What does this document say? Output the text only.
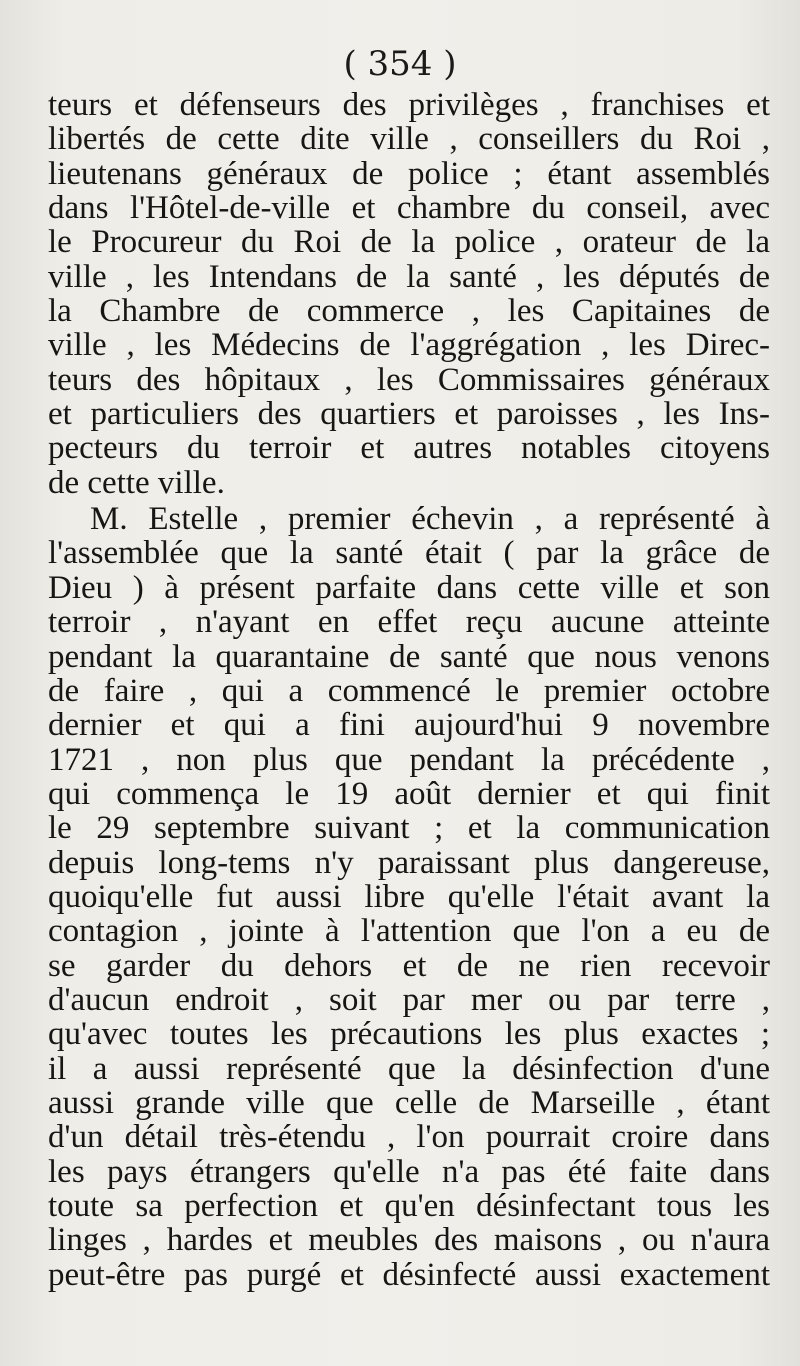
( 354 )
teurs et défenseurs des privilèges , franchises et
libertés de cette dite ville , conseillers du Roi ,
lieutenans généraux de police ; étant assemblés
dans l'Hôtel-de-ville et chambre du conseil, avec
le Procureur du Roi de la police , orateur de la
ville , les Intendans de la santé , les députés de
la Chambre de commerce , les Capitaines de
ville , les Médecins de l'aggrégation , les Direc-
teurs des hôpitaux , les Commissaires généraux
et particuliers des quartiers et paroisses , les Ins-
pecteurs du terroir et autres notables citoyens
de cette ville.
M. Estelle , premier échevin , a représenté à
l'assemblée que la santé était ( par la grâce de
Dieu ) à présent parfaite dans cette ville et son
terroir , n'ayant en effet reçu aucune atteinte
pendant la quarantaine de santé que nous venons
de faire , qui a commencé le premier octobre
dernier et qui a fini aujourd'hui 9 novembre
1721 , non plus que pendant la précédente ,
qui commença le 19 août dernier et qui finit
le 29 septembre suivant ; et la communication
depuis long-tems n'y paraissant plus dangereuse,
quoiqu'elle fut aussi libre qu'elle l'était avant la
contagion , jointe à l'attention que l'on a eu de
se garder du dehors et de ne rien recevoir
d'aucun endroit , soit par mer ou par terre ,
qu'avec toutes les précautions les plus exactes ;
il a aussi représenté que la désinfection d'une
aussi grande ville que celle de Marseille , étant
d'un détail très-étendu , l'on pourrait croire dans
les pays étrangers qu'elle n'a pas été faite dans
toute sa perfection et qu'en désinfectant tous les
linges , hardes et meubles des maisons , ou n'aura
peut-être pas purgé et désinfecté aussi exactement
